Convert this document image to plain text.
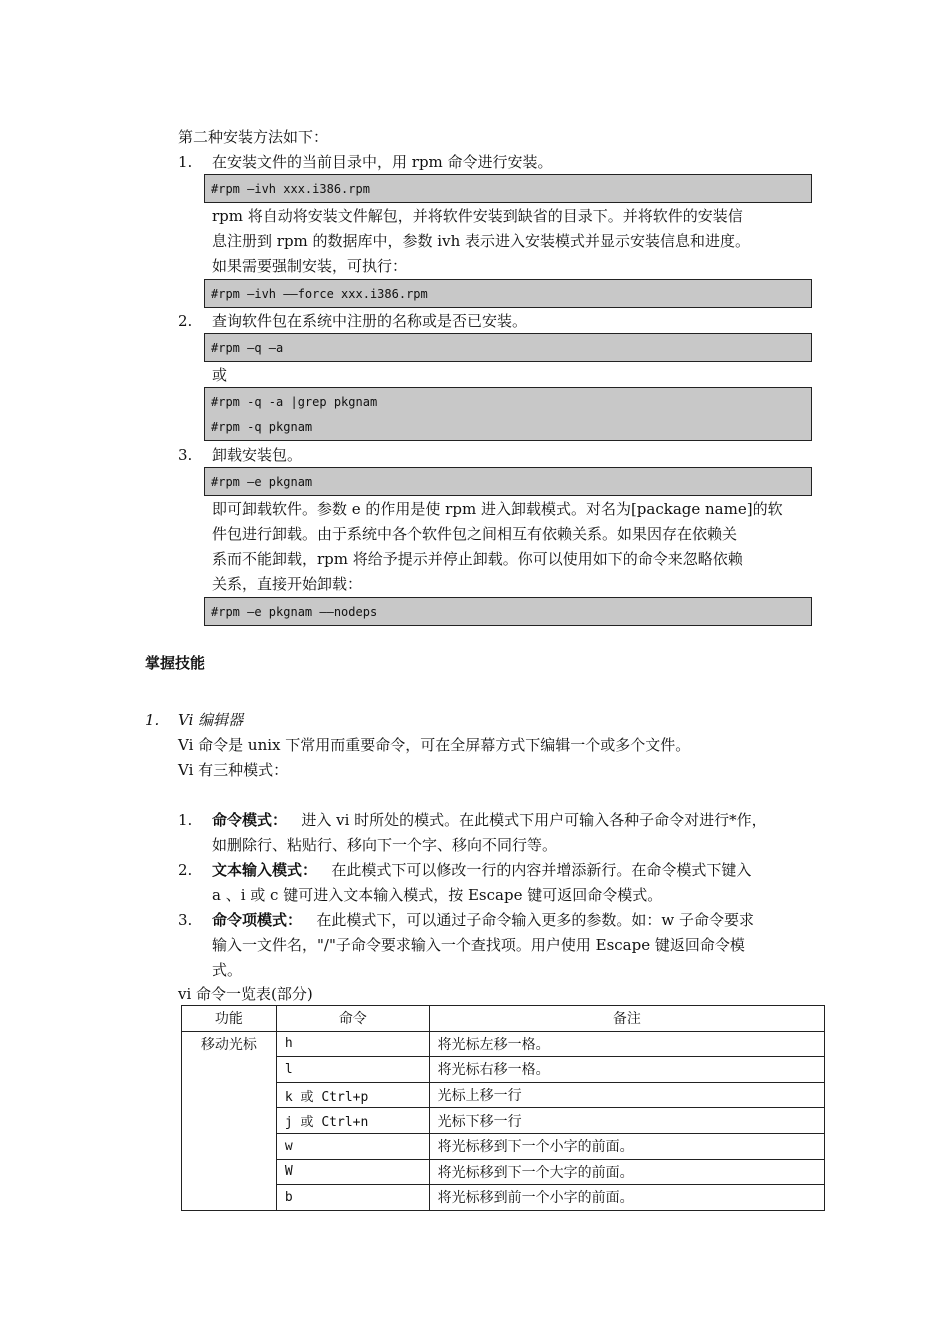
第二种安装方法如下：
1. 在安装文件的当前目录中，用 rpm 命令进行安装。
#rpm –ivh xxx.i386.rpm
rpm 将自动将安装文件解包，并将软件安装到缺省的目录下。并将软件的安装信
息注册到 rpm 的数据库中，参数 ivh 表示进入安装模式并显示安装信息和进度。
如果需要强制安装，可执行：
#rpm –ivh ––force xxx.i386.rpm
2. 查询软件包在系统中注册的名称或是否已安装。
#rpm –q –a
或
#rpm -q -a |grep pkgnam
#rpm -q pkgnam
3. 卸载安装包。
#rpm –e pkgnam
即可卸载软件。参数 e 的作用是使 rpm 进入卸载模式。对名为[package name]的软
件包进行卸载。由于系统中各个软件包之间相互有依赖关系。如果因存在依赖关
系而不能卸载，rpm 将给予提示并停止卸载。你可以使用如下的命令来忽略依赖
关系，直接开始卸载：
#rpm –e pkgnam ––nodeps
掌握技能
1. Vi 编辑器
Vi 命令是 unix 下常用而重要命令，可在全屏幕方式下编辑一个或多个文件。
Vi 有三种模式：
1. 命令模式： 进入 vi 时所处的模式。在此模式下用户可输入各种子命令对进行*作，
如删除行、粘贴行、移向下一个字、移向不同行等。
2. 文本输入模式： 在此模式下可以修改一行的内容并增添新行。在命令模式下键入
a 、i 或 c 键可进入文本输入模式，按 Escape 键可返回命令模式。
3. 命令项模式： 在此模式下，可以通过子命令输入更多的参数。如：w 子命令要求
输入一文件名，"/"子命令要求输入一个查找项。用户使用 Escape 键返回命令模
式。
vi 命令一览表(部分)
功能	命令	备注
移动光标	h	将光标左移一格。
	l	将光标右移一格。
	k 或 Ctrl+p	光标上移一行
	j 或 Ctrl+n	光标下移一行
	w	将光标移到下一个小字的前面。
	W	将光标移到下一个大字的前面。
	b	将光标移到前一个小字的前面。
